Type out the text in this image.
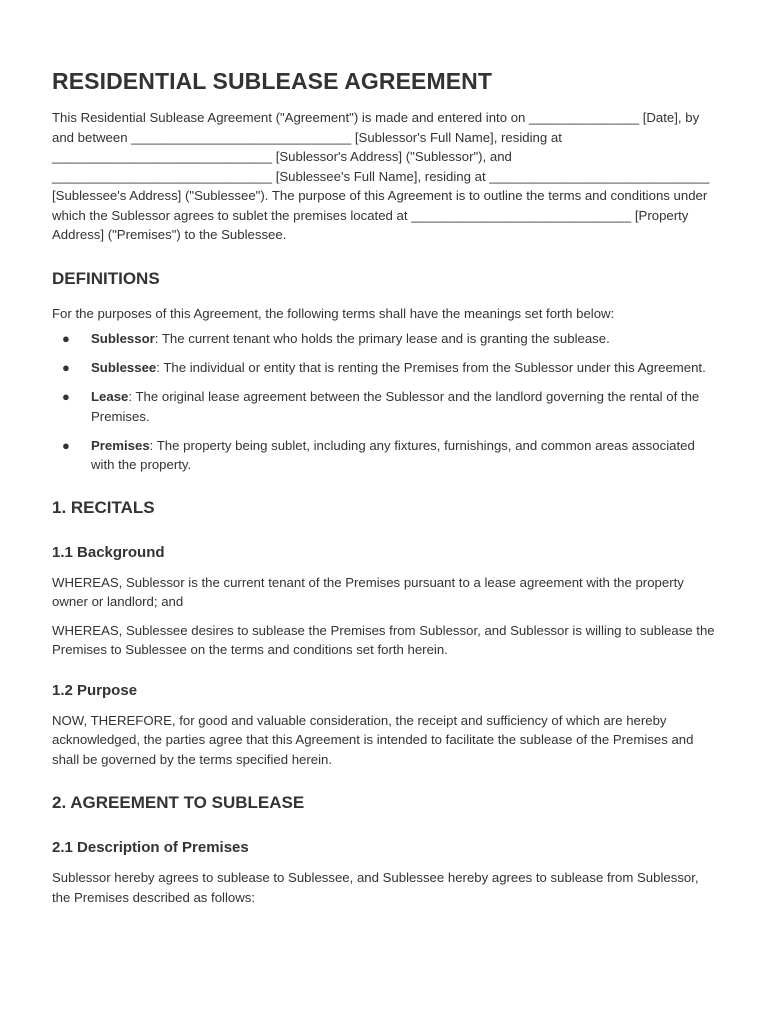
RESIDENTIAL SUBLEASE AGREEMENT

This Residential Sublease Agreement ("Agreement") is made and entered into on _______________ [Date], by and between ______________________________ [Sublessor's Full Name], residing at ______________________________ [Sublessor's Address] ("Sublessor"), and ______________________________ [Sublessee's Full Name], residing at ______________________________ [Sublessee's Address] ("Sublessee"). The purpose of this Agreement is to outline the terms and conditions under which the Sublessor agrees to sublet the premises located at ______________________________ [Property Address] ("Premises") to the Sublessee.

DEFINITIONS

For the purposes of this Agreement, the following terms shall have the meanings set forth below:

● Sublessor: The current tenant who holds the primary lease and is granting the sublease.
● Sublessee: The individual or entity that is renting the Premises from the Sublessor under this Agreement.
● Lease: The original lease agreement between the Sublessor and the landlord governing the rental of the Premises.
● Premises: The property being sublet, including any fixtures, furnishings, and common areas associated with the property.
1. RECITALS
1.1 Background

WHEREAS, Sublessor is the current tenant of the Premises pursuant to a lease agreement with the property owner or landlord; and

WHEREAS, Sublessee desires to sublease the Premises from Sublessor, and Sublessor is willing to sublease the Premises to Sublessee on the terms and conditions set forth herein.

1.2 Purpose

NOW, THEREFORE, for good and valuable consideration, the receipt and sufficiency of which are hereby acknowledged, the parties agree that this Agreement is intended to facilitate the sublease of the Premises and shall be governed by the terms specified herein.

2. AGREEMENT TO SUBLEASE
2.1 Description of Premises

Sublessor hereby agrees to sublease to Sublessee, and Sublessee hereby agrees to sublease from Sublessor, the Premises described as follows:
